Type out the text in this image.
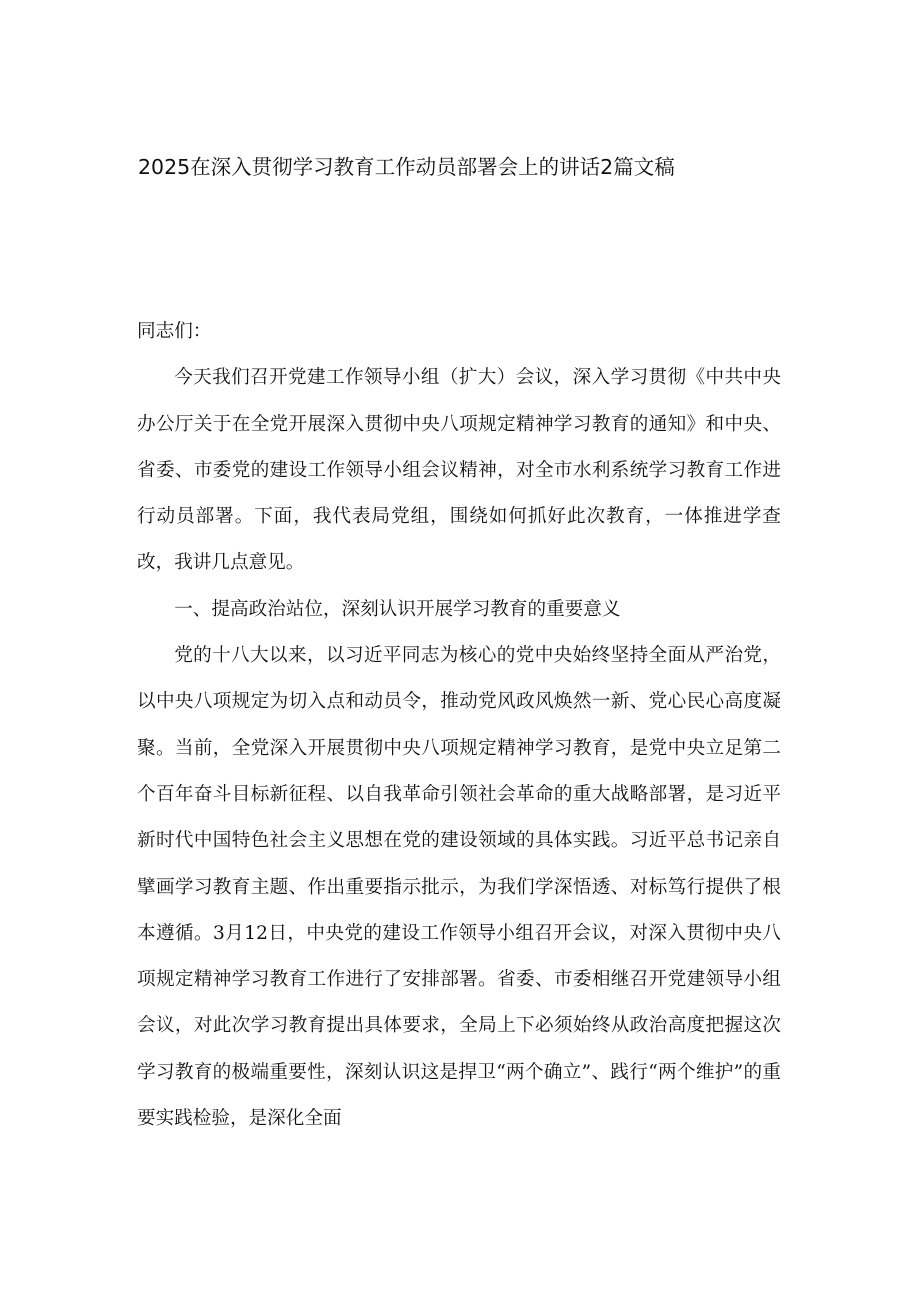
2025在深入贯彻学习教育工作动员部署会上的讲话2篇文稿

同志们：

今天我们召开党建工作领导小组（扩大）会议，深入学习贯彻《中共中央办公厅关于在全党开展深入贯彻中央八项规定精神学习教育的通知》和中央、省委、市委党的建设工作领导小组会议精神，对全市水利系统学习教育工作进行动员部署。下面，我代表局党组，围绕如何抓好此次教育，一体推进学查改，我讲几点意见。

一、提高政治站位，深刻认识开展学习教育的重要意义

党的十八大以来，以习近平同志为核心的党中央始终坚持全面从严治党，以中央八项规定为切入点和动员令，推动党风政风焕然一新、党心民心高度凝聚。当前，全党深入开展贯彻中央八项规定精神学习教育，是党中央立足第二个百年奋斗目标新征程、以自我革命引领社会革命的重大战略部署，是习近平新时代中国特色社会主义思想在党的建设领域的具体实践。习近平总书记亲自擘画学习教育主题、作出重要指示批示，为我们学深悟透、对标笃行提供了根本遵循。3月12日，中央党的建设工作领导小组召开会议，对深入贯彻中央八项规定精神学习教育工作进行了安排部署。省委、市委相继召开党建领导小组会议，对此次学习教育提出具体要求，全局上下必须始终从政治高度把握这次学习教育的极端重要性，深刻认识这是捍卫“两个确立”、践行“两个维护”的重要实践检验，是深化全面
